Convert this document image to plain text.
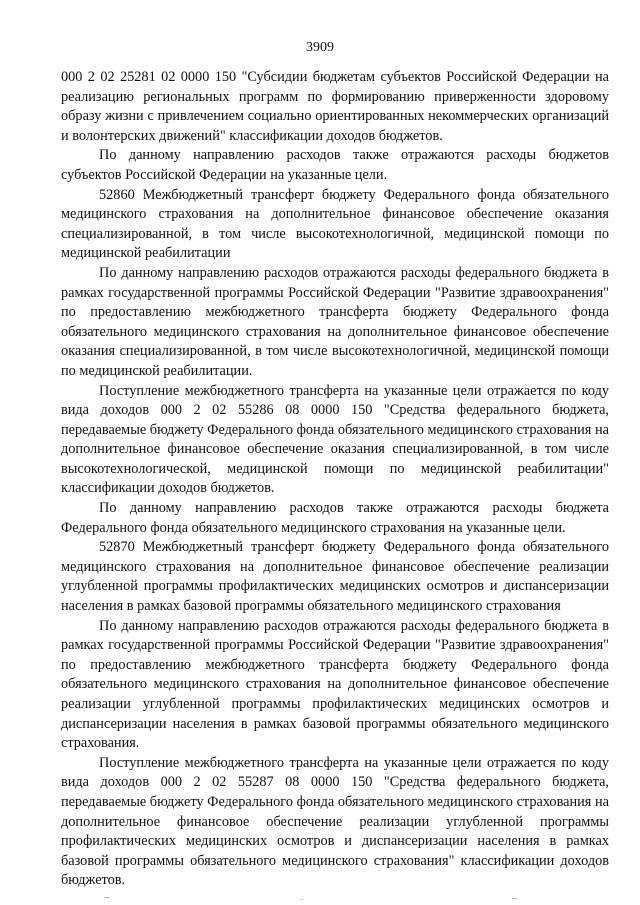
3909

000 2 02 25281 02 0000 150 "Субсидии бюджетам субъектов Российской Федерации на реализацию региональных программ по формированию приверженности здоровому образу жизни с привлечением социально ориентированных некоммерческих организаций и волонтерских движений" классификации доходов бюджетов.

По данному направлению расходов также отражаются расходы бюджетов субъектов Российской Федерации на указанные цели.

52860 Межбюджетный трансферт бюджету Федерального фонда обязательного медицинского страхования на дополнительное финансовое обеспечение оказания специализированной, в том числе высокотехнологичной, медицинской помощи по медицинской реабилитации

По данному направлению расходов отражаются расходы федерального бюджета в рамках государственной программы Российской Федерации "Развитие здравоохранения" по предоставлению межбюджетного трансферта бюджету Федерального фонда обязательного медицинского страхования на дополнительное финансовое обеспечение оказания специализированной, в том числе высокотехнологичной, медицинской помощи по медицинской реабилитации.

Поступление межбюджетного трансферта на указанные цели отражается по коду вида доходов 000 2 02 55286 08 0000 150 "Средства федерального бюджета, передаваемые бюджету Федерального фонда обязательного медицинского страхования на дополнительное финансовое обеспечение оказания специализированной, в том числе высокотехнологической, медицинской помощи по медицинской реабилитации" классификации доходов бюджетов.

По данному направлению расходов также отражаются расходы бюджета Федерального фонда обязательного медицинского страхования на указанные цели.

52870 Межбюджетный трансферт бюджету Федерального фонда обязательного медицинского страхования на дополнительное финансовое обеспечение реализации углубленной программы профилактических медицинских осмотров и диспансеризации населения в рамках базовой программы обязательного медицинского страхования

По данному направлению расходов отражаются расходы федерального бюджета в рамках государственной программы Российской Федерации "Развитие здравоохранения" по предоставлению межбюджетного трансферта бюджету Федерального фонда обязательного медицинского страхования на дополнительное финансовое обеспечение реализации углубленной программы профилактических медицинских осмотров и диспансеризации населения в рамках базовой программы обязательного медицинского страхования.

Поступление межбюджетного трансферта на указанные цели отражается по коду вида доходов 000 2 02 55287 08 0000 150 "Средства федерального бюджета, передаваемые бюджету Федерального фонда обязательного медицинского страхования на дополнительное финансовое обеспечение реализации углубленной программы профилактических медицинских осмотров и диспансеризации населения в рамках базовой программы обязательного медицинского страхования" классификации доходов бюджетов.
